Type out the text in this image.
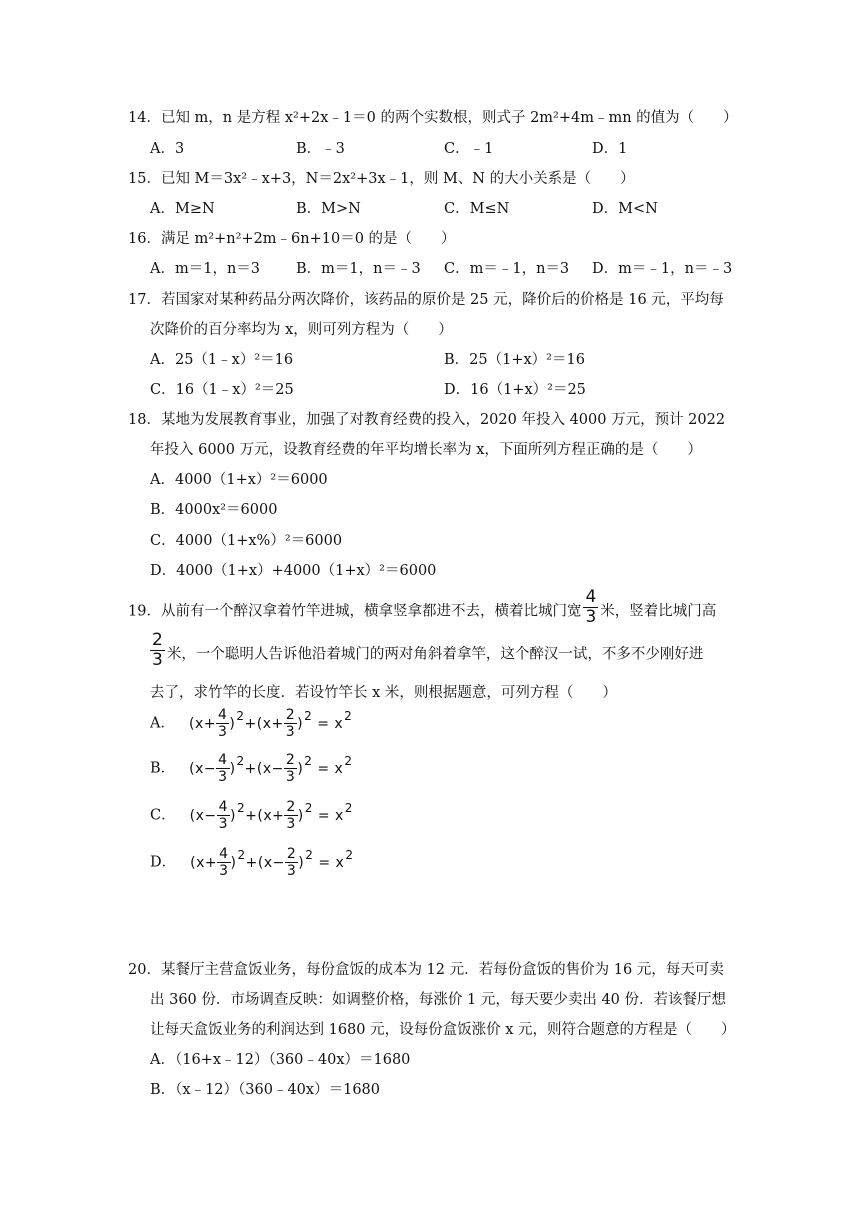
14．已知 m，n 是方程 x²+2x﹣1＝0 的两个实数根，则式子 2m²+4m﹣mn 的值为（　　）
A．3	B．﹣3	C．﹣1	D．1
15．已知 M＝3x²﹣x+3，N＝2x²+3x﹣1，则 M、N 的大小关系是（　　）
A．M≥N	B．M>N	C．M≤N	D．M<N
16．满足 m²+n²+2m﹣6n+10＝0 的是（　　）
A．m＝1，n＝3 B．m＝1，n＝﹣3 C．m＝﹣1，n＝3 D．m＝﹣1，n＝﹣3
17．若国家对某种药品分两次降价，该药品的原价是 25 元，降价后的价格是 16 元，平均每
次降价的百分率均为 x，则可列方程为（　　）
A．25（1﹣x）²＝16	B．25（1+x）²＝16
C．16（1﹣x）²＝25	D．16（1+x）²＝25
18．某地为发展教育事业，加强了对教育经费的投入，2020 年投入 4000 万元，预计 2022
年投入 6000 万元，设教育经费的年平均增长率为 x，下面所列方程正确的是（　　）
A．4000（1+x）²＝6000
B．4000x²＝6000
C．4000（1+x%）²＝6000
D．4000（1+x）+4000（1+x）²＝6000
19．从前有一个醉汉拿着竹竿进城，横拿竖拿都进不去，横着比城门宽 $\frac{4}{3}$ 米，竖着比城门高
$\frac{2}{3}$ 米，一个聪明人告诉他沿着城门的两对角斜着拿竿，这个醉汉一试，不多不少刚好进
去了，求竹竿的长度．若设竹竿长 x 米，则根据题意，可列方程（　　）
A． $(x+ \frac{4}{3} )2+(x+ \frac{2}{3} )2 = x2$
B． $(x- \frac{4}{3} )2+(x- \frac{2}{3} )2 = x2$
C． $(x- \frac{4}{3} )2+(x+ \frac{2}{3} )2 = x2$
D． $(x+ \frac{4}{3} )2+(x- \frac{2}{3} )2 = x2$
20．某餐厅主营盒饭业务，每份盒饭的成本为 12 元．若每份盒饭的售价为 16 元，每天可卖
出 360 份．市场调查反映：如调整价格，每涨价 1 元，每天要少卖出 40 份．若该餐厅想
让每天盒饭业务的利润达到 1680 元，设每份盒饭涨价 x 元，则符合题意的方程是（　　）
A．（16+x﹣12）（360﹣40x）＝1680
B．（x﹣12）（360﹣40x）＝1680
